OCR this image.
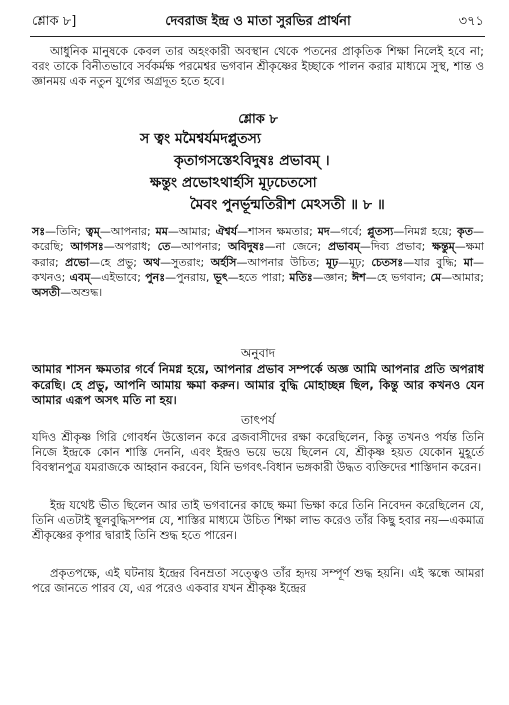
শ্লোক ৮]	দেবরাজ ইন্দ্র ও মাতা সুরভির প্রার্থনা	৩৭১

আধুনিক মানুষকে কেবল তার অহংকারী অবস্থান থেকে পতনের প্রাকৃতিক শিক্ষা নিলেই হবে না; বরং তাকে বিনীতভাবে সর্বকর্মক্ষ পরমেশ্বর ভগবান শ্রীকৃষ্ণের ইচ্ছাকে পালন করার মাধ্যমে সুস্থ, শান্ত ও জ্ঞানময় এক নতুন যুগের অগ্রদূত হতে হবে।

শ্লোক ৮
স ত্বং মমৈশ্বর্যমদপ্লুতস্য
কৃতাগসস্তেঽবিদুষঃ প্রভাবম্ ।
ক্ষন্তুং প্রভোঽথার্হসি মূঢ়চেতসো
মৈবং পুনর্ভূন্মতিরীশ মেঽসতী ॥ ৮ ॥

সঃ—তিনি; ত্বম্—আপনার; মম—আমার; ঐশ্বর্য—শাসন ক্ষমতার; মদ—গর্বে; প্লুতস্য—নিমগ্ন হয়ে; কৃত—করেছি; আগসঃ—অপরাধ; তে—আপনার; অবিদুষঃ—না জেনে; প্রভাবম্—দিব্য প্রভাব; ক্ষন্তুম্—ক্ষমা করার; প্রভো—হে প্রভু; অথ—সুতরাং; অর্হসি—আপনার উচিত; মূঢ়—মূঢ়; চেতসঃ—যার বুদ্ধি; মা—কখনও; এবম্—এইভাবে; পুনঃ—পুনরায়, ভূৎ—হতে পারা; মতিঃ—জ্ঞান; ঈশ—হে ভগবান; মে—আমার; অসতী—অশুদ্ধ।

অনুবাদ

আমার শাসন ক্ষমতার গর্বে নিমগ্ন হয়ে, আপনার প্রভাব সম্পর্কে অজ্ঞ আমি আপনার প্রতি অপরাধ করেছি। হে প্রভু, আপনি আমায় ক্ষমা করুন। আমার বুদ্ধি মোহাচ্ছন্ন ছিল, কিন্তু আর কখনও যেন আমার এরূপ অসৎ মতি না হয়।

তাৎপর্য

যদিও শ্রীকৃষ্ণ গিরি গোবর্ধন উত্তোলন করে ব্রজবাসীদের রক্ষা করেছিলেন, কিন্তু তখনও পর্যন্ত তিনি নিজে ইন্দ্রকে কোন শাস্তি দেননি, এবং ইন্দ্রও ভয়ে ভয়ে ছিলেন যে, শ্রীকৃষ্ণ হয়ত যেকোন মুহূর্তে বিবস্বানপুত্র যমরাজকে আহ্বান করবেন, যিনি ভগবৎ-বিধান ভঙ্গকারী উদ্ধত ব্যক্তিদের শাস্তিদান করেন।

ইন্দ্র যথেষ্ট ভীত ছিলেন আর তাই ভগবানের কাছে ক্ষমা ভিক্ষা করে তিনি নিবেদন করেছিলেন যে, তিনি এতটাই স্থূলবুদ্ধিসম্পন্ন যে, শাস্তির মাধ্যমে উচিত শিক্ষা লাভ করেও তাঁর কিছু হবার নয়—একমাত্র শ্রীকৃষ্ণের কৃপার দ্বারাই তিনি শুদ্ধ হতে পারেন।

প্রকৃতপক্ষে, এই ঘটনায় ইন্দ্রের বিনম্রতা সত্ত্বেও তাঁর হৃদয় সম্পূর্ণ শুদ্ধ হয়নি। এই স্কন্ধে আমরা পরে জানতে পারব যে, এর পরেও একবার যখন শ্রীকৃষ্ণ ইন্দ্রের
